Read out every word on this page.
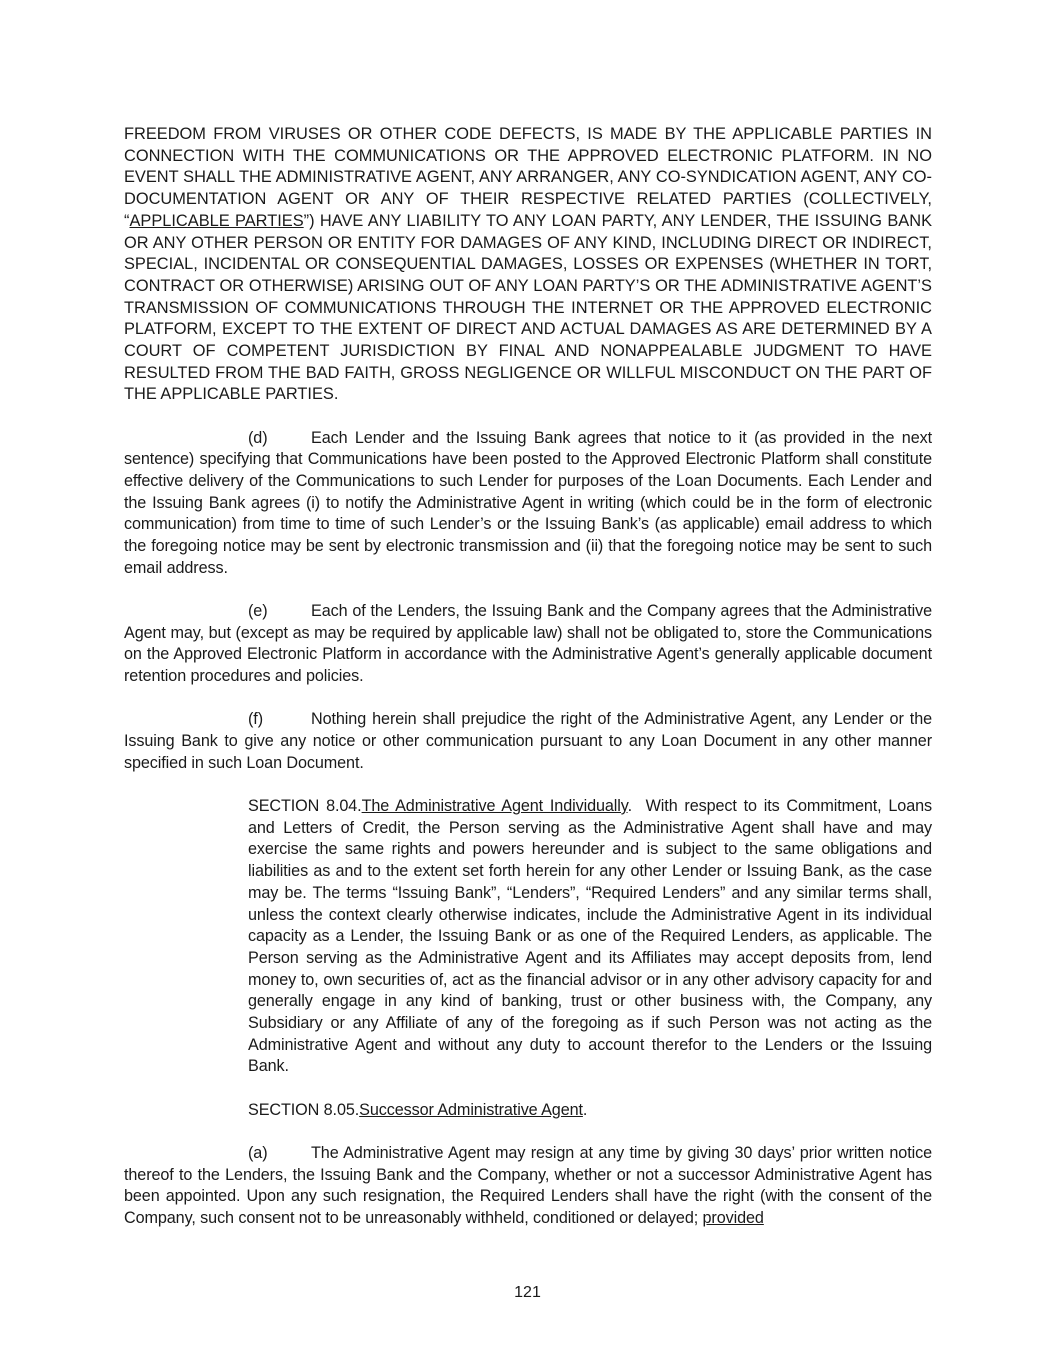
FREEDOM FROM VIRUSES OR OTHER CODE DEFECTS, IS MADE BY THE APPLICABLE PARTIES IN CONNECTION WITH THE COMMUNICATIONS OR THE APPROVED ELECTRONIC PLATFORM. IN NO EVENT SHALL THE ADMINISTRATIVE AGENT, ANY ARRANGER, ANY CO-SYNDICATION AGENT, ANY CO-DOCUMENTATION AGENT OR ANY OF THEIR RESPECTIVE RELATED PARTIES (COLLECTIVELY, “APPLICABLE PARTIES”) HAVE ANY LIABILITY TO ANY LOAN PARTY, ANY LENDER, THE ISSUING BANK OR ANY OTHER PERSON OR ENTITY FOR DAMAGES OF ANY KIND, INCLUDING DIRECT OR INDIRECT, SPECIAL, INCIDENTAL OR CONSEQUENTIAL DAMAGES, LOSSES OR EXPENSES (WHETHER IN TORT, CONTRACT OR OTHERWISE) ARISING OUT OF ANY LOAN PARTY’S OR THE ADMINISTRATIVE AGENT’S TRANSMISSION OF COMMUNICATIONS THROUGH THE INTERNET OR THE APPROVED ELECTRONIC PLATFORM, EXCEPT TO THE EXTENT OF DIRECT AND ACTUAL DAMAGES AS ARE DETERMINED BY A COURT OF COMPETENT JURISDICTION BY FINAL AND NONAPPEALABLE JUDGMENT TO HAVE RESULTED FROM THE BAD FAITH, GROSS NEGLIGENCE OR WILLFUL MISCONDUCT ON THE PART OF THE APPLICABLE PARTIES.

(d)	Each Lender and the Issuing Bank agrees that notice to it (as provided in the next sentence) specifying that Communications have been posted to the Approved Electronic Platform shall constitute effective delivery of the Communications to such Lender for purposes of the Loan Documents. Each Lender and the Issuing Bank agrees (i) to notify the Administrative Agent in writing (which could be in the form of electronic communication) from time to time of such Lender’s or the Issuing Bank’s (as applicable) email address to which the foregoing notice may be sent by electronic transmission and (ii) that the foregoing notice may be sent to such email address.

(e)	Each of the Lenders, the Issuing Bank and the Company agrees that the Administrative Agent may, but (except as may be required by applicable law) shall not be obligated to, store the Communications on the Approved Electronic Platform in accordance with the Administrative Agent’s generally applicable document retention procedures and policies.

(f)	Nothing herein shall prejudice the right of the Administrative Agent, any Lender or the Issuing Bank to give any notice or other communication pursuant to any Loan Document in any other manner specified in such Loan Document.

SECTION 8.04.The Administrative Agent Individually. With respect to its Commitment, Loans and Letters of Credit, the Person serving as the Administrative Agent shall have and may exercise the same rights and powers hereunder and is subject to the same obligations and liabilities as and to the extent set forth herein for any other Lender or Issuing Bank, as the case may be. The terms “Issuing Bank”, “Lenders”, “Required Lenders” and any similar terms shall, unless the context clearly otherwise indicates, include the Administrative Agent in its individual capacity as a Lender, the Issuing Bank or as one of the Required Lenders, as applicable. The Person serving as the Administrative Agent and its Affiliates may accept deposits from, lend money to, own securities of, act as the financial advisor or in any other advisory capacity for and generally engage in any kind of banking, trust or other business with, the Company, any Subsidiary or any Affiliate of any of the foregoing as if such Person was not acting as the Administrative Agent and without any duty to account therefor to the Lenders or the Issuing Bank.

SECTION 8.05.Successor Administrative Agent.

(a)	The Administrative Agent may resign at any time by giving 30 days’ prior written notice thereof to the Lenders, the Issuing Bank and the Company, whether or not a successor Administrative Agent has been appointed. Upon any such resignation, the Required Lenders shall have the right (with the consent of the Company, such consent not to be unreasonably withheld, conditioned or delayed; provided

121
